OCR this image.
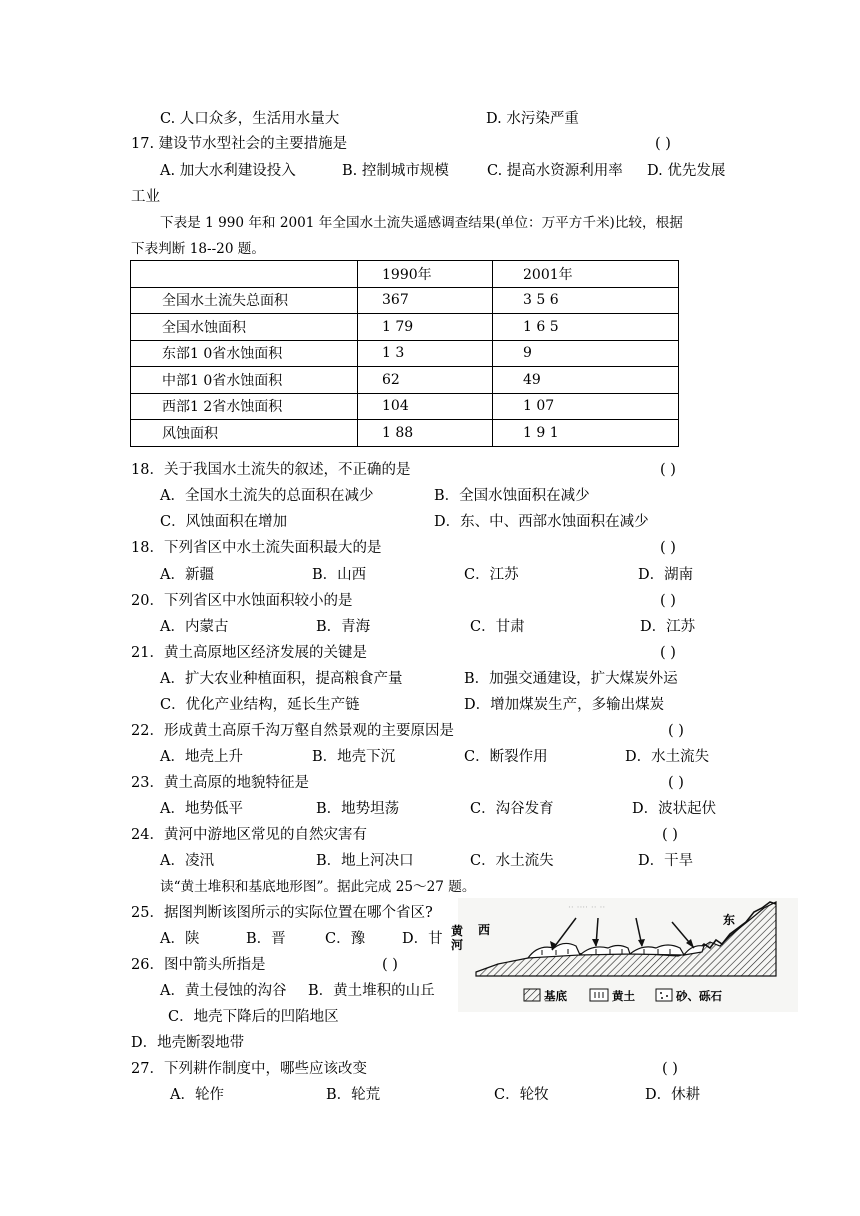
C. 人口众多，生活用水量大	D. 水污染严重
17. 建设节水型社会的主要措施是	( )
A. 加大水利建设投入	B. 控制城市规模	C. 提高水资源利用率 D. 优先发展
工业
下表是 1 990 年和 2001 年全国水土流失遥感调查结果(单位：万平方千米)比较，根据
下表判断 18--20 题。
	1990年	2001年
全国水土流失总面积	367	3 5 6
全国水蚀面积	1 79	1 6 5
东部1 0省水蚀面积	1 3	9
中部1 0省水蚀面积	62	49
西部1 2省水蚀面积	104	1 07
风蚀面积	1 88	1 9 1
18．关于我国水土流失的叙述，不正确的是	( )
A．全国水土流失的总面积在减少	B．全国水蚀面积在减少
C．风蚀面积在增加	D．东、中、西部水蚀面积在减少
18．下列省区中水土流失面积最大的是	( )
A．新疆	B．山西	C．江苏	D．湖南
20．下列省区中水蚀面积较小的是	( )
A．内蒙古	B．青海	C．甘肃	D．江苏
21．黄土高原地区经济发展的关键是	( )
A．扩大农业种植面积，提高粮食产量	B．加强交通建设，扩大煤炭外运
C．优化产业结构，延长生产链	D．增加煤炭生产，多输出煤炭
22．形成黄土高原千沟万壑自然景观的主要原因是	( )
A．地壳上升	B．地壳下沉	C．断裂作用	D．水土流失
23．黄土高原的地貌特征是	( )
A．地势低平	B．地势坦荡	C．沟谷发育	D．波状起伏
24．黄河中游地区常见的自然灾害有	( )
A．凌汛	B．地上河决口	C．水土流失	D．干旱
读“黄土堆积和基底地形图”。据此完成 25～27 题。
25．据图判断该图所示的实际位置在哪个省区?
A．陕	B．晋	C．豫	D．甘
26．图中箭头所指是	( )
A．黄土侵蚀的沟谷 B．黄土堆积的山丘
C．地壳下降后的凹陷地区
D．地壳断裂地带
27．下列耕作制度中，哪些应该改变	( )
A．轮作	B．轮荒	C．轮牧	D．休耕
黄
河
西
东
·· ···· ·· ··
基底	黄土	砂、砾石
